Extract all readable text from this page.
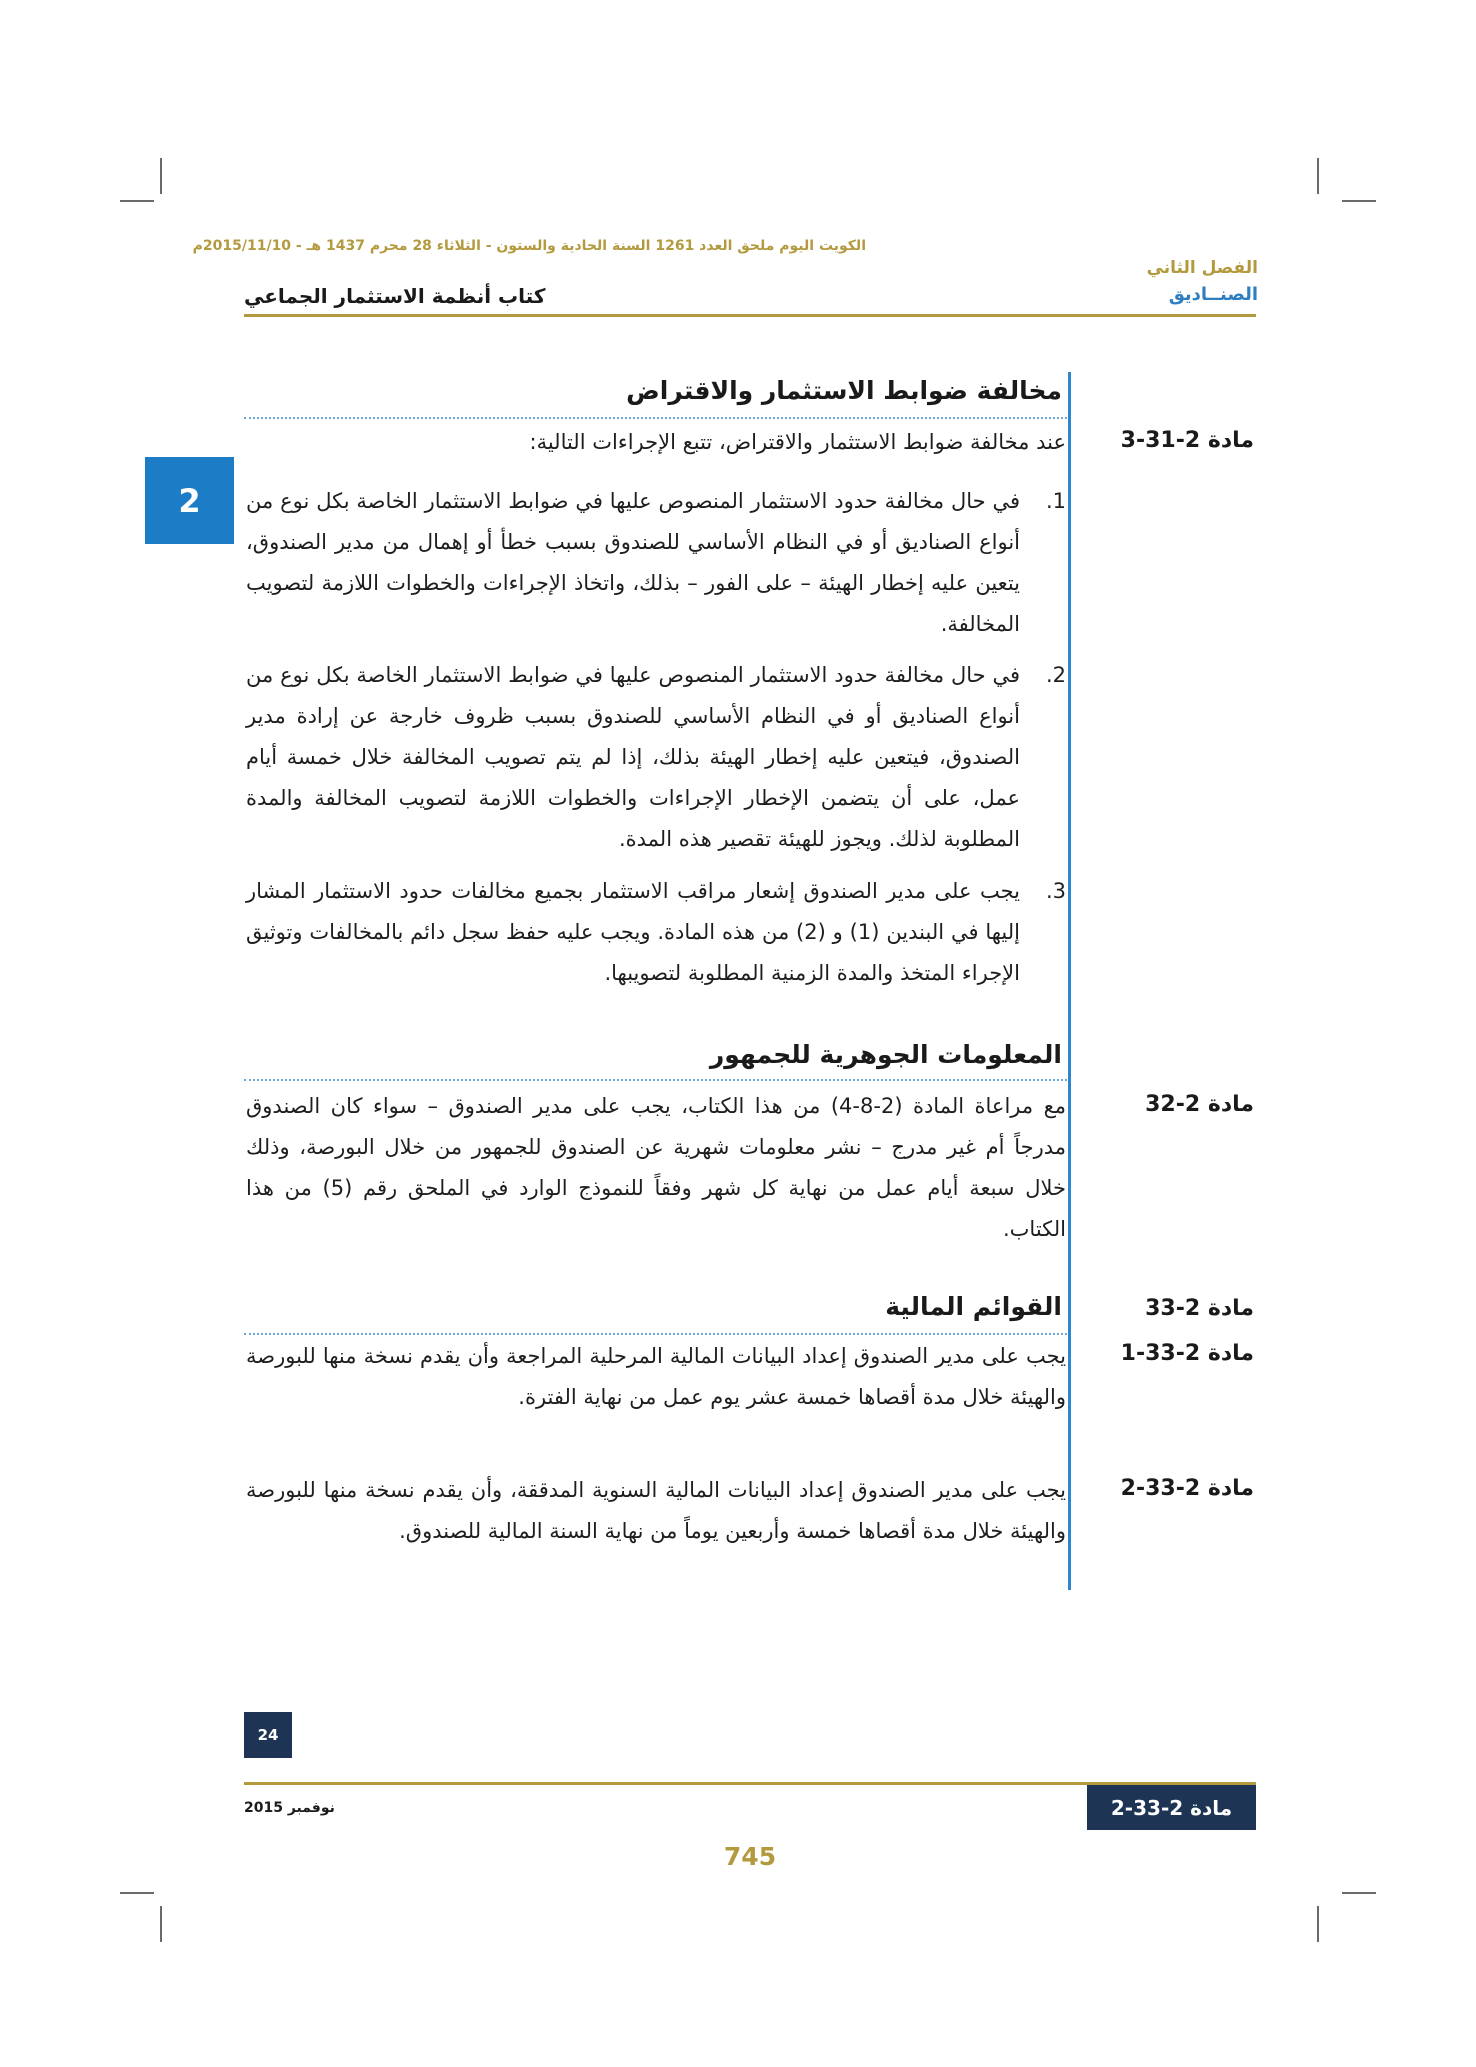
الكويت اليوم ملحق العدد 1261 السنة الحادية والستون - الثلاثاء 28 محرم 1437 هـ - 2015/11/10م
الفصل الثاني
الصنــاديق
كتاب أنظمة الاستثمار الجماعي
2
مخالفة ضوابط الاستثمار والاقتراض
مادة 2-31-3
عند مخالفة ضوابط الاستثمار والاقتراض، تتبع الإجراءات التالية:
1.
في حال مخالفة حدود الاستثمار المنصوص عليها في ضوابط الاستثمار الخاصة بكل نوع من أنواع الصناديق أو في النظام الأساسي للصندوق بسبب خطأ أو إهمال من مدير الصندوق، يتعين عليه إخطار الهيئة – على الفور – بذلك، واتخاذ الإجراءات والخطوات اللازمة لتصويب المخالفة.
2.
في حال مخالفة حدود الاستثمار المنصوص عليها في ضوابط الاستثمار الخاصة بكل نوع من أنواع الصناديق أو في النظام الأساسي للصندوق بسبب ظروف خارجة عن إرادة مدير الصندوق، فيتعين عليه إخطار الهيئة بذلك، إذا لم يتم تصويب المخالفة خلال خمسة أيام عمل، على أن يتضمن الإخطار الإجراءات والخطوات اللازمة لتصويب المخالفة والمدة المطلوبة لذلك. ويجوز للهيئة تقصير هذه المدة.
3.
يجب على مدير الصندوق إشعار مراقب الاستثمار بجميع مخالفات حدود الاستثمار المشار إليها في البندين (1) و (2) من هذه المادة. ويجب عليه حفظ سجل دائم بالمخالفات وتوثيق الإجراء المتخذ والمدة الزمنية المطلوبة لتصويبها.
المعلومات الجوهرية للجمهور
مادة 2-32
مع مراعاة المادة (2-8-4) من هذا الكتاب، يجب على مدير الصندوق – سواء كان الصندوق مدرجاً أم غير مدرج – نشر معلومات شهرية عن الصندوق للجمهور من خلال البورصة، وذلك خلال سبعة أيام عمل من نهاية كل شهر وفقاً للنموذج الوارد في الملحق رقم (5) من هذا الكتاب.
مادة 2-33
القوائم المالية
مادة 2-33-1
يجب على مدير الصندوق إعداد البيانات المالية المرحلية المراجعة وأن يقدم نسخة منها للبورصة والهيئة خلال مدة أقصاها خمسة عشر يوم عمل من نهاية الفترة.
مادة 2-33-2
يجب على مدير الصندوق إعداد البيانات المالية السنوية المدققة، وأن يقدم نسخة منها للبورصة والهيئة خلال مدة أقصاها خمسة وأربعين يوماً من نهاية السنة المالية للصندوق.
24
نوفمبر 2015	مادة 2-33-2
745
